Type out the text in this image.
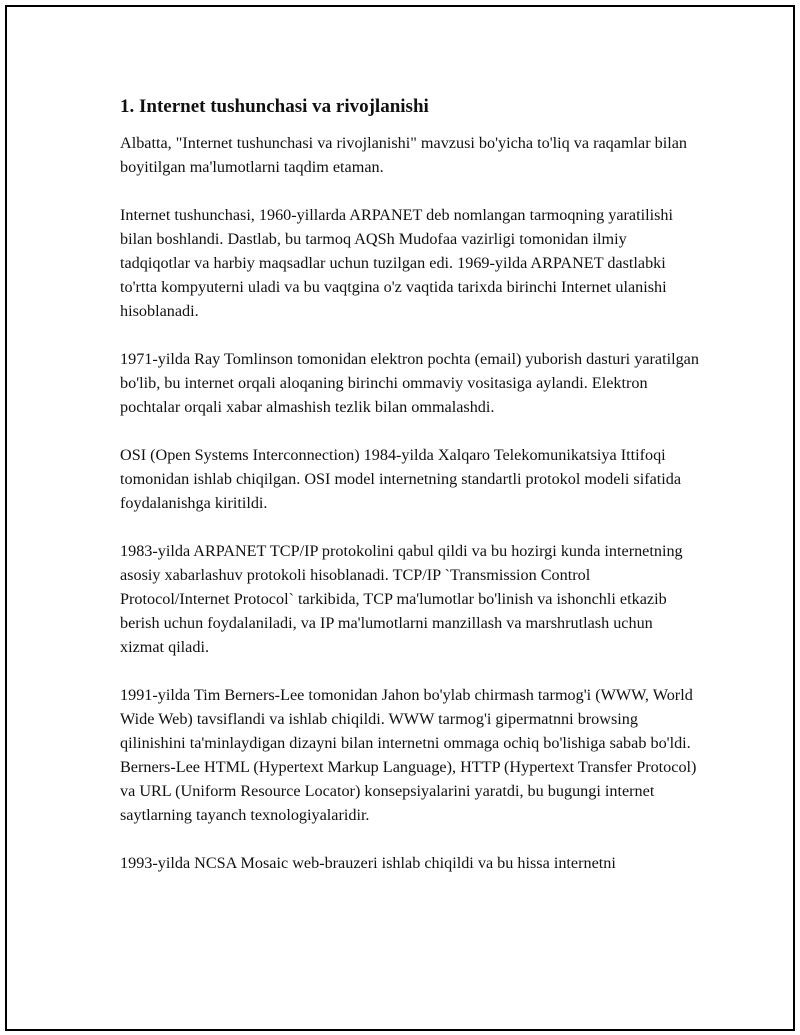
1. Internet tushunchasi va rivojlanishi

Albatta, "Internet tushunchasi va rivojlanishi" mavzusi bo'yicha to'liq va raqamlar bilan boyitilgan ma'lumotlarni taqdim etaman.

Internet tushunchasi, 1960-yillarda ARPANET deb nomlangan tarmoqning yaratilishi bilan boshlandi. Dastlab, bu tarmoq AQSh Mudofaa vazirligi tomonidan ilmiy tadqiqotlar va harbiy maqsadlar uchun tuzilgan edi. 1969-yilda ARPANET dastlabki to'rtta kompyuterni uladi va bu vaqtgina o'z vaqtida tarixda birinchi Internet ulanishi hisoblanadi.

1971-yilda Ray Tomlinson tomonidan elektron pochta (email) yuborish dasturi yaratilgan bo'lib, bu internet orqali aloqaning birinchi ommaviy vositasiga aylandi. Elektron pochtalar orqali xabar almashish tezlik bilan ommalashdi.

OSI (Open Systems Interconnection) 1984-yilda Xalqaro Telekomunikatsiya Ittifoqi tomonidan ishlab chiqilgan. OSI model internetning standartli protokol modeli sifatida foydalanishga kiritildi.

1983-yilda ARPANET TCP/IP protokolini qabul qildi va bu hozirgi kunda internetning asosiy xabarlashuv protokoli hisoblanadi. TCP/IP `Transmission Control Protocol/Internet Protocol` tarkibida, TCP ma'lumotlar bo'linish va ishonchli etkazib berish uchun foydalaniladi, va IP ma'lumotlarni manzillash va marshrutlash uchun xizmat qiladi.

1991-yilda Tim Berners-Lee tomonidan Jahon bo'ylab chirmash tarmog'i (WWW, World Wide Web) tavsiflandi va ishlab chiqildi. WWW tarmog'i gipermatnni browsing qilinishini ta'minlaydigan dizayni bilan internetni ommaga ochiq bo'lishiga sabab bo'ldi. Berners-Lee HTML (Hypertext Markup Language), HTTP (Hypertext Transfer Protocol) va URL (Uniform Resource Locator) konsepsiyalarini yaratdi, bu bugungi internet saytlarning tayanch texnologiyalaridir.

1993-yilda NCSA Mosaic web-brauzeri ishlab chiqildi va bu hissa internetni
